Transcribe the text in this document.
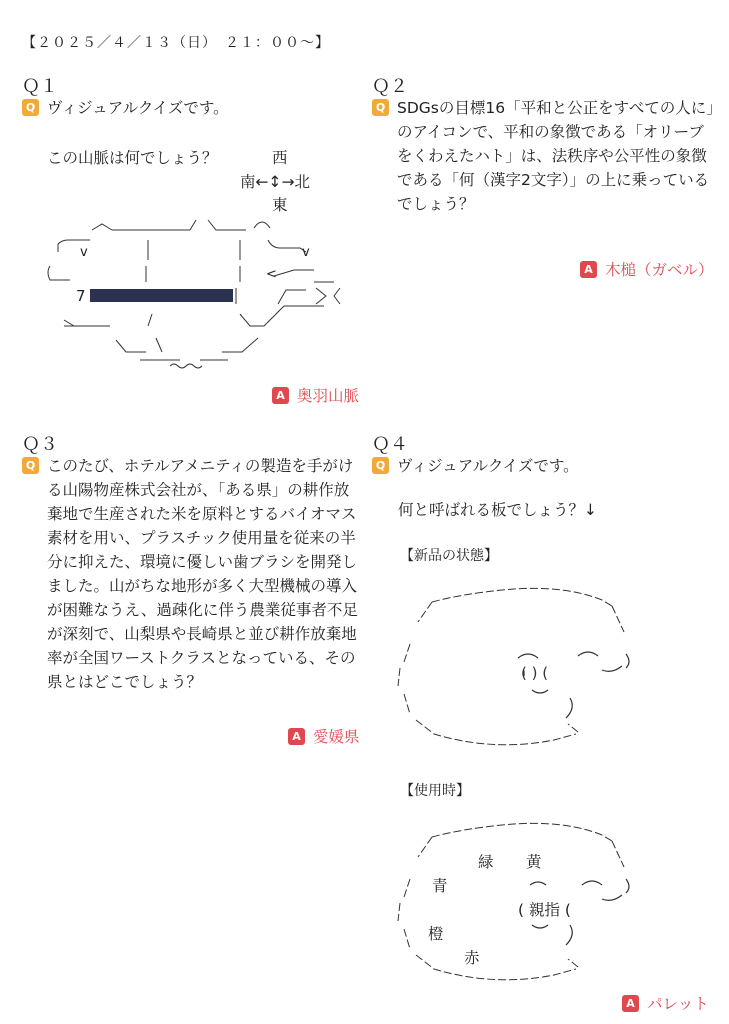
【２０２５／４／１３（日）　２１：００～】
Ｑ１
Q ヴィジュアルクイズです。
この山脈は何でしょう？	西
南←↕→北
東
7
v	v
<
A 奥羽山脈
Ｑ２
Q SDGsの目標16「平和と公正をすべての人に」のアイコンで、平和の象徴である「オリーブをくわえたハト」は、法秩序や公平性の象徴である「何（漢字2文字）」の上に乗っているでしょう？
A 木槌（ガベル）
Ｑ３
Q このたび、ホテルアメニティの製造を手がける山陽物産株式会社が、「ある県」の耕作放棄地で生産された米を原料とするバイオマス素材を用い、プラスチック使用量を従来の半分に抑えた、環境に優しい歯ブラシを開発しました。山がちな地形が多く大型機械の導入が困難なうえ、過疎化に伴う農業従事者不足が深刻で、山梨県や長崎県と並び耕作放棄地率が全国ワーストクラスとなっている、その県とはどこでしょう？
A 愛媛県
Ｑ４
Q ヴィジュアルクイズです。
何と呼ばれる板でしょう？↓
【新品の状態】
( ) (
【使用時】
緑 黄
青
( 親指 (
橙
赤
A パレット
